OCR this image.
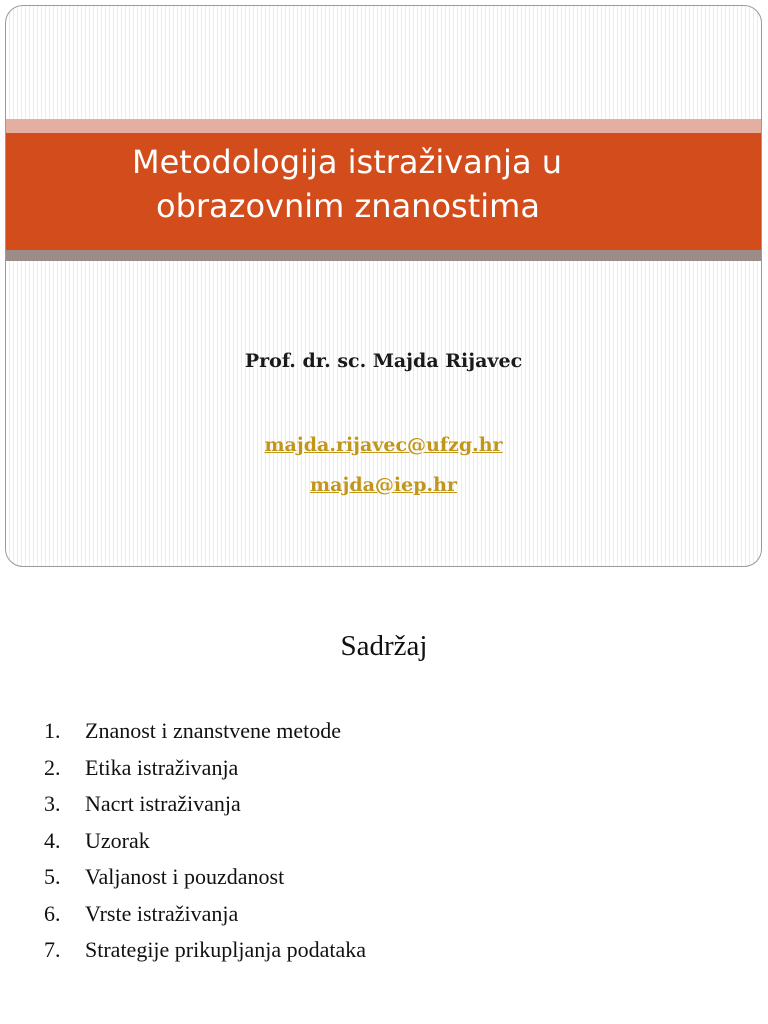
Metodologija istraživanja u
obrazovnim znanostima
Prof. dr. sc. Majda Rijavec
majda.rijavec@ufzg.hr
majda@iep.hr
Sadržaj
1. Znanost i znanstvene metode
2. Etika istraživanja
3. Nacrt istraživanja
4. Uzorak
5. Valjanost i pouzdanost
6. Vrste istraživanja
7. Strategije prikupljanja podataka
